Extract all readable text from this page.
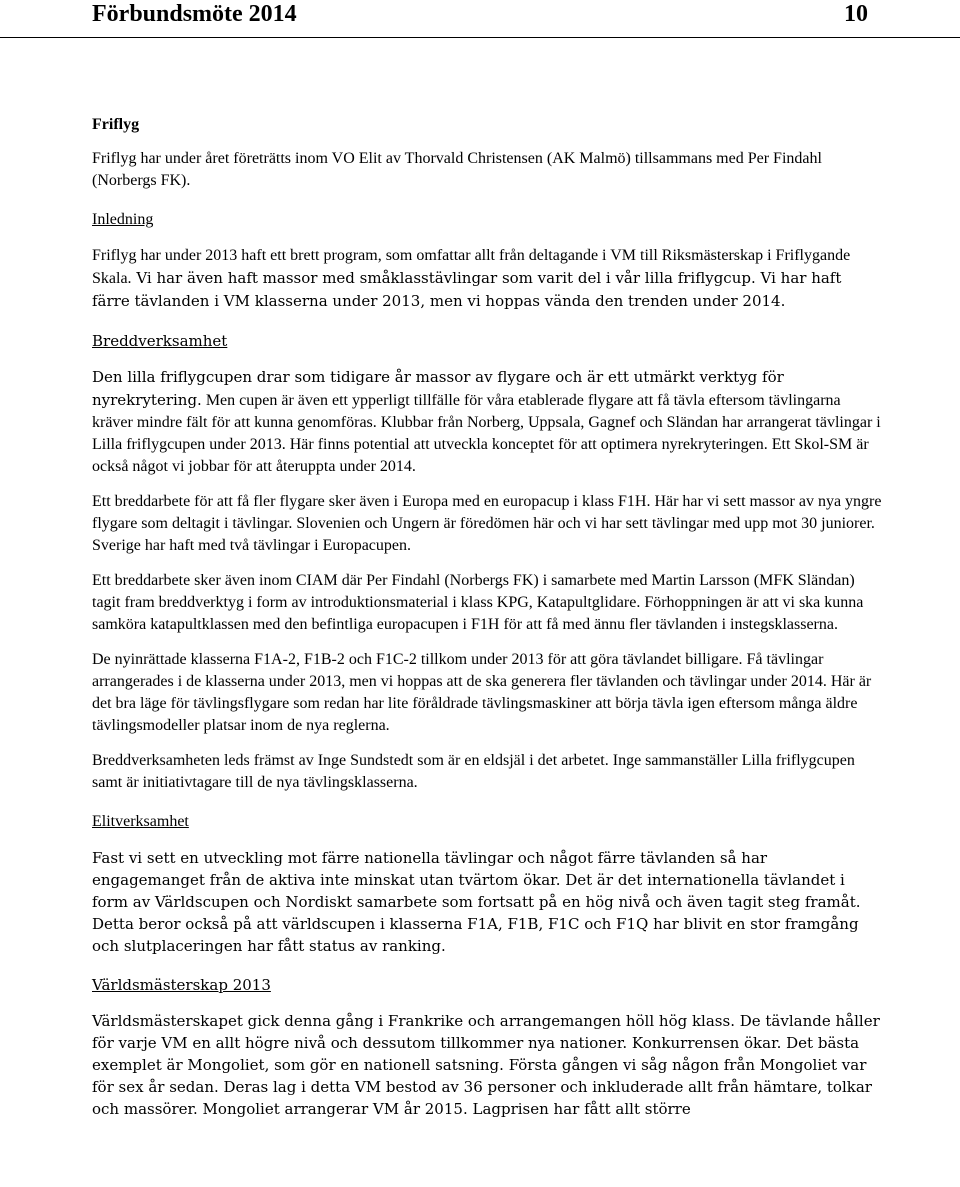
Förbundsmöte 2014	10
Friflyg

Friflyg har under året företrätts inom VO Elit av Thorvald Christensen (AK Malmö) tillsammans med Per Findahl (Norbergs FK).

Inledning

Friflyg har under 2013 haft ett brett program, som omfattar allt från deltagande i VM till Riksmästerskap i Friflygande Skala. Vi har även haft massor med småklasstävlingar som varit del i vår lilla friflygcup. Vi har haft färre tävlanden i VM klasserna under 2013, men vi hoppas vända den trenden under 2014.

Breddverksamhet

Den lilla friflygcupen drar som tidigare år massor av flygare och är ett utmärkt verktyg för nyrekrytering. Men cupen är även ett ypperligt tillfälle för våra etablerade flygare att få tävla eftersom tävlingarna kräver mindre fält för att kunna genomföras. Klubbar från Norberg, Uppsala, Gagnef och Sländan har arrangerat tävlingar i Lilla friflygcupen under 2013. Här finns potential att utveckla konceptet för att optimera nyrekryteringen. Ett Skol-SM är också något vi jobbar för att återuppta under 2014.

Ett breddarbete för att få fler flygare sker även i Europa med en europacup i klass F1H. Här har vi sett massor av nya yngre flygare som deltagit i tävlingar. Slovenien och Ungern är föredömen här och vi har sett tävlingar med upp mot 30 juniorer. Sverige har haft med två tävlingar i Europacupen.

Ett breddarbete sker även inom CIAM där Per Findahl (Norbergs FK) i samarbete med Martin Larsson (MFK Sländan) tagit fram breddverktyg i form av introduktionsmaterial i klass KPG, Katapultglidare. Förhoppningen är att vi ska kunna samköra katapultklassen med den befintliga europacupen i F1H för att få med ännu fler tävlanden i instegsklasserna.

De nyinrättade klasserna F1A-2, F1B-2 och F1C-2 tillkom under 2013 för att göra tävlandet billigare. Få tävlingar arrangerades i de klasserna under 2013, men vi hoppas att de ska generera fler tävlanden och tävlingar under 2014. Här är det bra läge för tävlingsflygare som redan har lite föråldrade tävlingsmaskiner att börja tävla igen eftersom många äldre tävlingsmodeller platsar inom de nya reglerna.

Breddverksamheten leds främst av Inge Sundstedt som är en eldsjäl i det arbetet. Inge sammanställer Lilla friflygcupen samt är initiativtagare till de nya tävlingsklasserna.

Elitverksamhet

Fast vi sett en utveckling mot färre nationella tävlingar och något färre tävlanden så har engagemanget från de aktiva inte minskat utan tvärtom ökar. Det är det internationella tävlandet i form av Världscupen och Nordiskt samarbete som fortsatt på en hög nivå och även tagit steg framåt. Detta beror också på att världscupen i klasserna F1A, F1B, F1C och F1Q har blivit en stor framgång och slutplaceringen har fått status av ranking.

Världsmästerskap 2013

Världsmästerskapet gick denna gång i Frankrike och arrangemangen höll hög klass. De tävlande håller för varje VM en allt högre nivå och dessutom tillkommer nya nationer. Konkurrensen ökar. Det bästa exemplet är Mongoliet, som gör en nationell satsning. Första gången vi såg någon från Mongoliet var för sex år sedan. Deras lag i detta VM bestod av 36 personer och inkluderade allt från hämtare, tolkar och massörer. Mongoliet arrangerar VM år 2015. Lagprisen har fått allt större
